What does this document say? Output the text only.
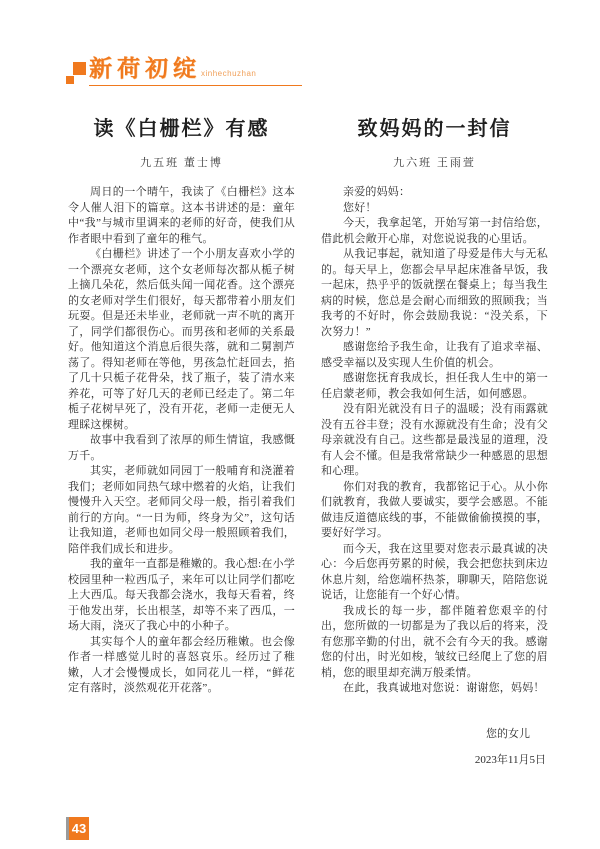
新荷初绽 xinhechuzhan
读《白栅栏》有感
九五班 董士博

周日的一个晴午，我读了《白栅栏》这本令人催人泪下的篇章。这本书讲述的是：童年中“我”与城市里调来的老师的好奇，使我们从作者眼中看到了童年的稚气。

《白栅栏》讲述了一个小朋友喜欢小学的一个漂亮女老师，这个女老师每次都从栀子树上摘几朵花，然后低头闻一闻花香。这个漂亮的女老师对学生们很好，每天都带着小朋友们玩耍。但是还未毕业，老师就一声不吭的离开了，同学们都很伤心。而男孩和老师的关系最好。他知道这个消息后很失落，就和二舅割芦荡了。得知老师在等他，男孩急忙赶回去，掐了几十只栀子花骨朵，找了瓶子，装了清水来养花，可等了好几天的老师已经走了。第二年栀子花树早死了，没有开花，老师一走便无人理睬这棵树。

故事中我看到了浓厚的师生情谊，我感慨万千。

其实，老师就如同园丁一般哺育和浇灌着我们；老师如同热气球中燃着的火焰，让我们慢慢升入天空。老师同父母一般，指引着我们前行的方向。“一日为师，终身为父”，这句话让我知道，老师也如同父母一般照顾着我们，陪伴我们成长和进步。

我的童年一直都是稚嫩的。我心想:在小学校园里种一粒西瓜子，来年可以让同学们都吃上大西瓜。每天我都会浇水，我每天看着，终于他发出芽，长出根茎，却等不来了西瓜，一场大雨，浇灭了我心中的小种子。

其实每个人的童年都会经历稚嫩。也会像作者一样感觉儿时的喜怒哀乐。经历过了稚嫩，人才会慢慢成长，如同花儿一样，“鲜花定有落时，淡然观花开花落”。

致妈妈的一封信
九六班 王雨萱

亲爱的妈妈：

您好！

今天，我拿起笔，开始写第一封信给您，借此机会敞开心扉，对您说说我的心里话。

从我记事起，就知道了母爱是伟大与无私的。每天早上，您都会早早起床准备早饭，我一起床，热乎乎的饭就摆在餐桌上；每当我生病的时候，您总是会耐心而细致的照顾我；当我考的不好时，你会鼓励我说：“没关系，下次努力！”

感谢您给予我生命，让我有了追求幸福、感受幸福以及实现人生价值的机会。

感谢您抚育我成长，担任我人生中的第一任启蒙老师，教会我如何生活，如何感恩。

没有阳光就没有日子的温暖；没有雨露就没有五谷丰登；没有水源就没有生命；没有父母亲就没有自己。这些都是最浅显的道理，没有人会不懂。但是我常常缺少一种感恩的思想和心理。

你们对我的教育，我都铭记于心。从小你们就教育，我做人要诚实，要学会感恩。不能做违反道德底线的事，不能做偷偷摸摸的事，要好好学习。

而今天，我在这里要对您表示最真诚的决心：今后您再劳累的时候，我会把您扶到床边休息片刻，给您端杯热茶，聊聊天，陪陪您说说话，让您能有一个好心情。

我成长的每一步，都伴随着您艰辛的付出，您所做的一切都是为了我以后的将来，没有您那辛勤的付出，就不会有今天的我。感谢您的付出，时光如梭，皱纹已经爬上了您的眉梢，您的眼里却充满万般柔情。

在此，我真诚地对您说：谢谢您，妈妈！

您的女儿
2023年11月5日
43
